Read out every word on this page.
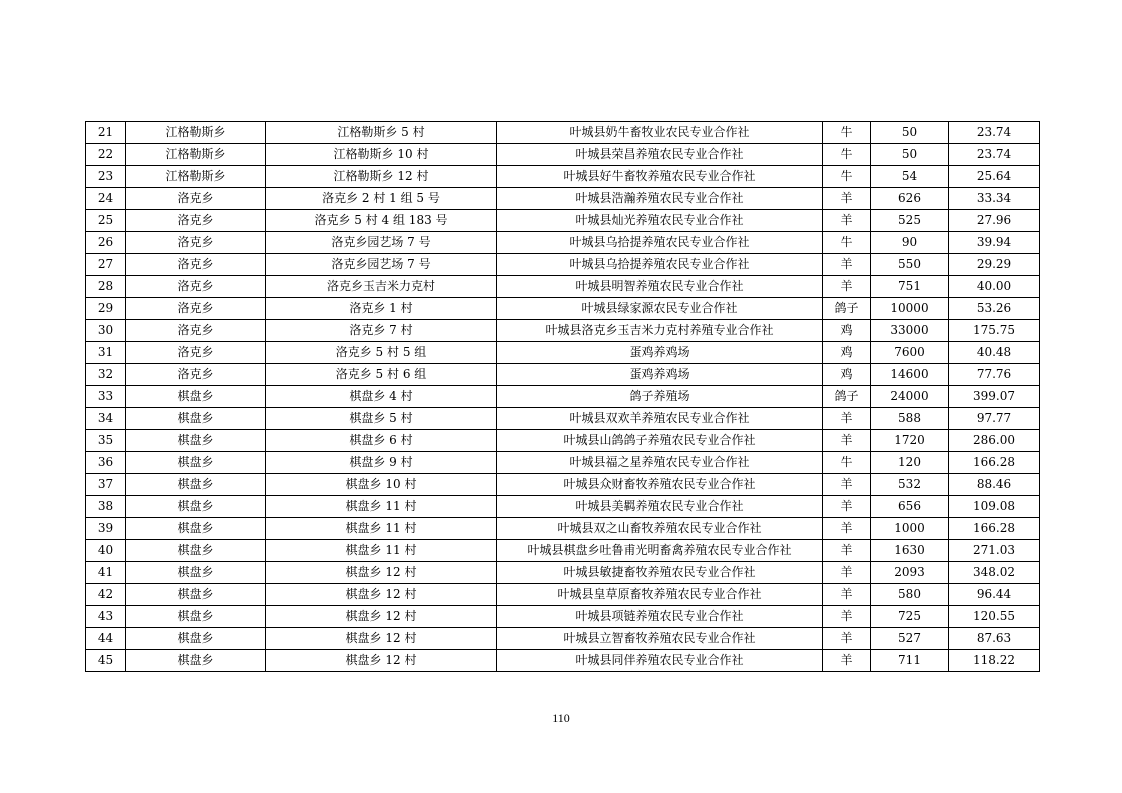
21	江格勒斯乡	江格勒斯乡 5 村	叶城县奶牛畜牧业农民专业合作社	牛	50	23.74
22	江格勒斯乡	江格勒斯乡 10 村	叶城县荣昌养殖农民专业合作社	牛	50	23.74
23	江格勒斯乡	江格勒斯乡 12 村	叶城县好牛畜牧养殖农民专业合作社	牛	54	25.64
24	洛克乡	洛克乡 2 村 1 组 5 号	叶城县浩瀚养殖农民专业合作社	羊	626	33.34
25	洛克乡	洛克乡 5 村 4 组 183 号	叶城县灿光养殖农民专业合作社	羊	525	27.96
26	洛克乡	洛克乡园艺场 7 号	叶城县乌拾提养殖农民专业合作社	牛	90	39.94
27	洛克乡	洛克乡园艺场 7 号	叶城县乌拾提养殖农民专业合作社	羊	550	29.29
28	洛克乡	洛克乡玉吉米力克村	叶城县明智养殖农民专业合作社	羊	751	40.00
29	洛克乡	洛克乡 1 村	叶城县绿家源农民专业合作社	鸽子	10000	53.26
30	洛克乡	洛克乡 7 村	叶城县洛克乡玉吉米力克村养殖专业合作社	鸡	33000	175.75
31	洛克乡	洛克乡 5 村 5 组	蛋鸡养鸡场	鸡	7600	40.48
32	洛克乡	洛克乡 5 村 6 组	蛋鸡养鸡场	鸡	14600	77.76
33	棋盘乡	棋盘乡 4 村	鸽子养殖场	鸽子	24000	399.07
34	棋盘乡	棋盘乡 5 村	叶城县双欢羊养殖农民专业合作社	羊	588	97.77
35	棋盘乡	棋盘乡 6 村	叶城县山鸽鸽子养殖农民专业合作社	羊	1720	286.00
36	棋盘乡	棋盘乡 9 村	叶城县福之星养殖农民专业合作社	牛	120	166.28
37	棋盘乡	棋盘乡 10 村	叶城县众财畜牧养殖农民专业合作社	羊	532	88.46
38	棋盘乡	棋盘乡 11 村	叶城县美羁养殖农民专业合作社	羊	656	109.08
39	棋盘乡	棋盘乡 11 村	叶城县双之山畜牧养殖农民专业合作社	羊	1000	166.28
40	棋盘乡	棋盘乡 11 村	叶城县棋盘乡吐鲁甫光明畜禽养殖农民专业合作社	羊	1630	271.03
41	棋盘乡	棋盘乡 12 村	叶城县敏捷畜牧养殖农民专业合作社	羊	2093	348.02
42	棋盘乡	棋盘乡 12 村	叶城县皇草原畜牧养殖农民专业合作社	羊	580	96.44
43	棋盘乡	棋盘乡 12 村	叶城县项链养殖农民专业合作社	羊	725	120.55
44	棋盘乡	棋盘乡 12 村	叶城县立智畜牧养殖农民专业合作社	羊	527	87.63
45	棋盘乡	棋盘乡 12 村	叶城县同伴养殖农民专业合作社	羊	711	118.22
110
